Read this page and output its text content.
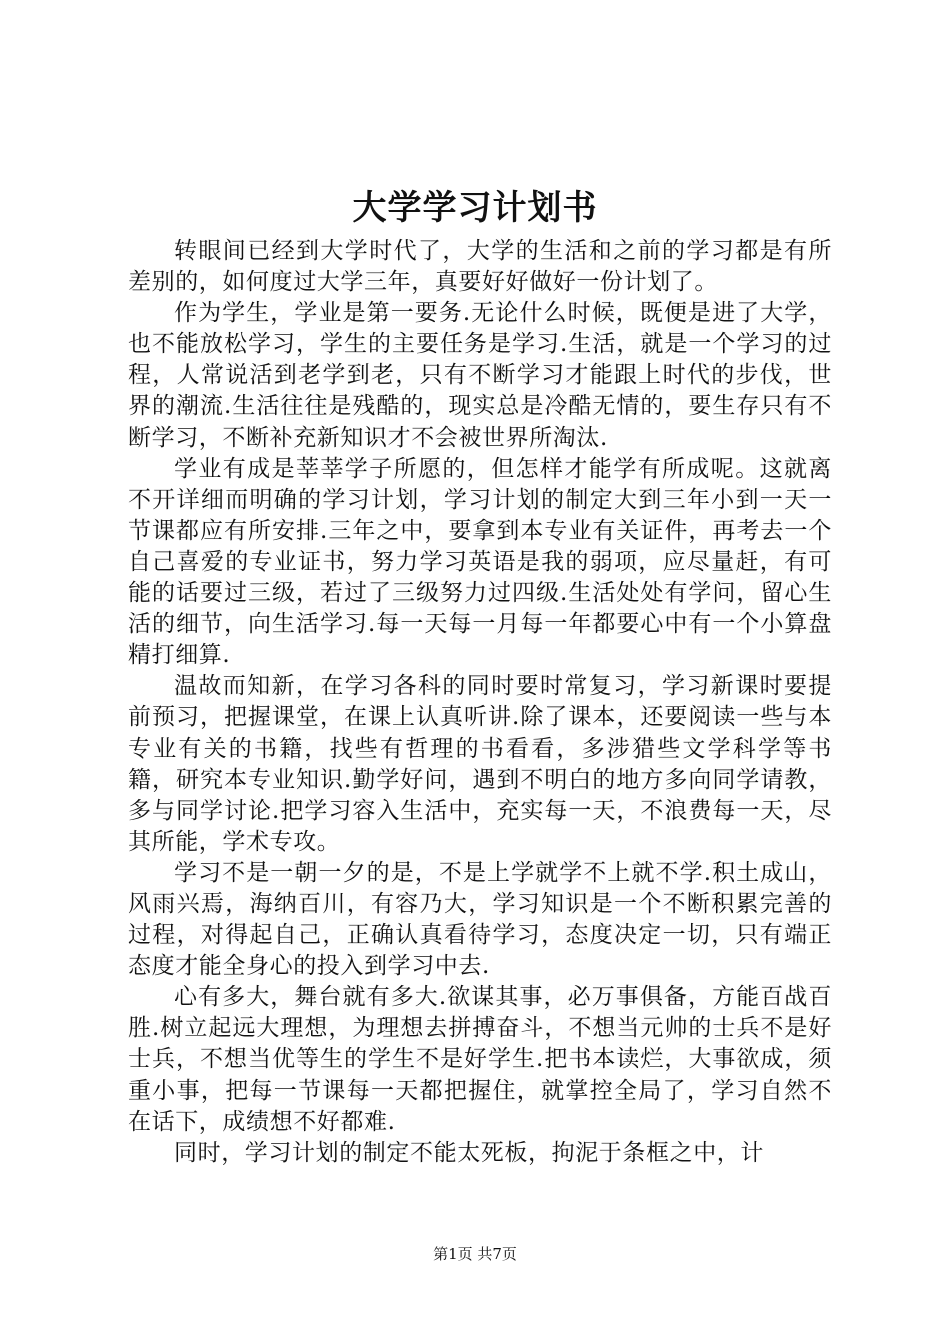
大学学习计划书

转眼间已经到大学时代了，大学的生活和之前的学习都是有所差别的，如何度过大学三年，真要好好做好一份计划了。

作为学生，学业是第一要务.无论什么时候，既便是进了大学，也不能放松学习，学生的主要任务是学习.生活，就是一个学习的过程，人常说活到老学到老，只有不断学习才能跟上时代的步伐，世界的潮流.生活往往是残酷的，现实总是冷酷无情的，要生存只有不断学习，不断补充新知识才不会被世界所淘汰.

学业有成是莘莘学子所愿的，但怎样才能学有所成呢。这就离不开详细而明确的学习计划，学习计划的制定大到三年小到一天一节课都应有所安排.三年之中，要拿到本专业有关证件，再考去一个自己喜爱的专业证书，努力学习英语是我的弱项，应尽量赶，有可能的话要过三级，若过了三级努力过四级.生活处处有学问，留心生活的细节，向生活学习.每一天每一月每一年都要心中有一个小算盘精打细算.

温故而知新，在学习各科的同时要时常复习，学习新课时要提前预习，把握课堂，在课上认真听讲.除了课本，还要阅读一些与本专业有关的书籍，找些有哲理的书看看，多涉猎些文学科学等书籍，研究本专业知识.勤学好问，遇到不明白的地方多向同学请教，多与同学讨论.把学习容入生活中，充实每一天，不浪费每一天，尽其所能，学术专攻。

学习不是一朝一夕的是，不是上学就学不上就不学.积土成山，风雨兴焉，海纳百川，有容乃大，学习知识是一个不断积累完善的过程，对得起自己，正确认真看待学习，态度决定一切，只有端正态度才能全身心的投入到学习中去.

心有多大，舞台就有多大.欲谋其事，必万事俱备，方能百战百胜.树立起远大理想，为理想去拼搏奋斗，不想当元帅的士兵不是好士兵，不想当优等生的学生不是好学生.把书本读烂，大事欲成，须重小事，把每一节课每一天都把握住，就掌控全局了，学习自然不在话下，成绩想不好都难.

同时，学习计划的制定不能太死板，拘泥于条框之中，计

第1页 共7页
